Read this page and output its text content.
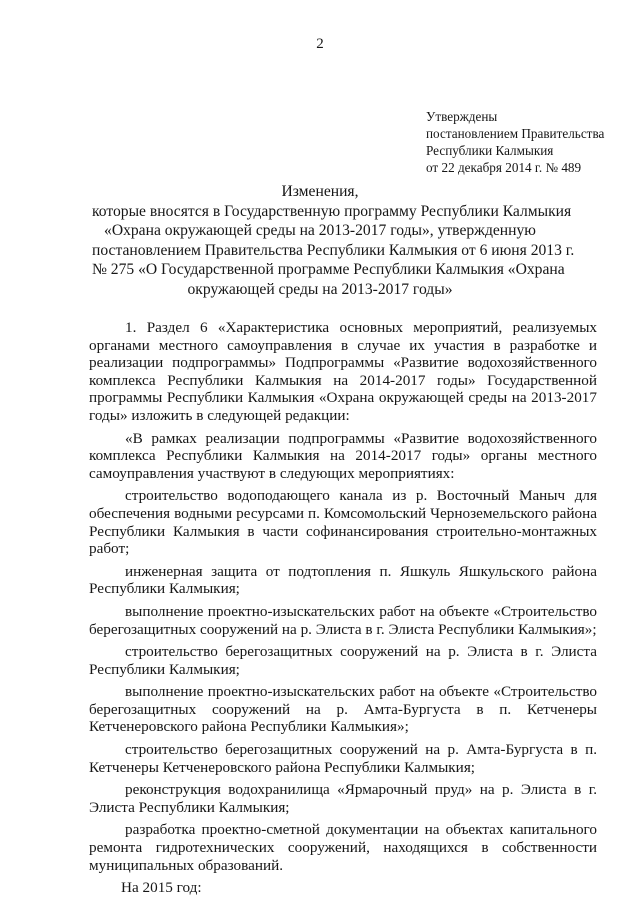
2
Утверждены
постановлением Правительства
Республики Калмыкия
от 22 декабря 2014 г. № 489
Изменения,
которые вносятся в Государственную программу Республики Калмыкия
«Охрана окружающей среды на 2013-2017 годы», утвержденную
постановлением Правительства Республики Калмыкия от 6 июня 2013 г.
№ 275 «О Государственной программе Республики Калмыкия «Охрана
окружающей среды на 2013-2017 годы»

1. Раздел 6 «Характеристика основных мероприятий, реализуемых органами местного самоуправления в случае их участия в разработке и реализации подпрограммы» Подпрограммы «Развитие водохозяйственного комплекса Республики Калмыкия на 2014-2017 годы» Государственной программы Республики Калмыкия «Охрана окружающей среды на 2013-2017 годы» изложить в следующей редакции:

«В рамках реализации подпрограммы «Развитие водохозяйственного комплекса Республики Калмыкия на 2014-2017 годы» органы местного самоуправления участвуют в следующих мероприятиях:

строительство водоподающего канала из р. Восточный Маныч для обеспечения водными ресурсами п. Комсомольский Черноземельского района Республики Калмыкия в части софинансирования строительно-монтажных работ;

инженерная защита от подтопления п. Яшкуль Яшкульского района Республики Калмыкия;

выполнение проектно-изыскательских работ на объекте «Строительство берегозащитных сооружений на р. Элиста в г. Элиста Республики Калмыкия»;

строительство берегозащитных сооружений на р. Элиста в г. Элиста Республики Калмыкия;

выполнение проектно-изыскательских работ на объекте «Строительство берегозащитных сооружений на р. Амта-Бургуста в п. Кетченеры Кетченеровского района Республики Калмыкия»;

строительство берегозащитных сооружений на р. Амта-Бургуста в п. Кетченеры Кетченеровского района Республики Калмыкия;

реконструкция водохранилища «Ярмарочный пруд» на р. Элиста в г. Элиста Республики Калмыкия;

разработка проектно-сметной документации на объектах капитального ремонта гидротехнических сооружений, находящихся в собственности муниципальных образований.

На 2015 год:
